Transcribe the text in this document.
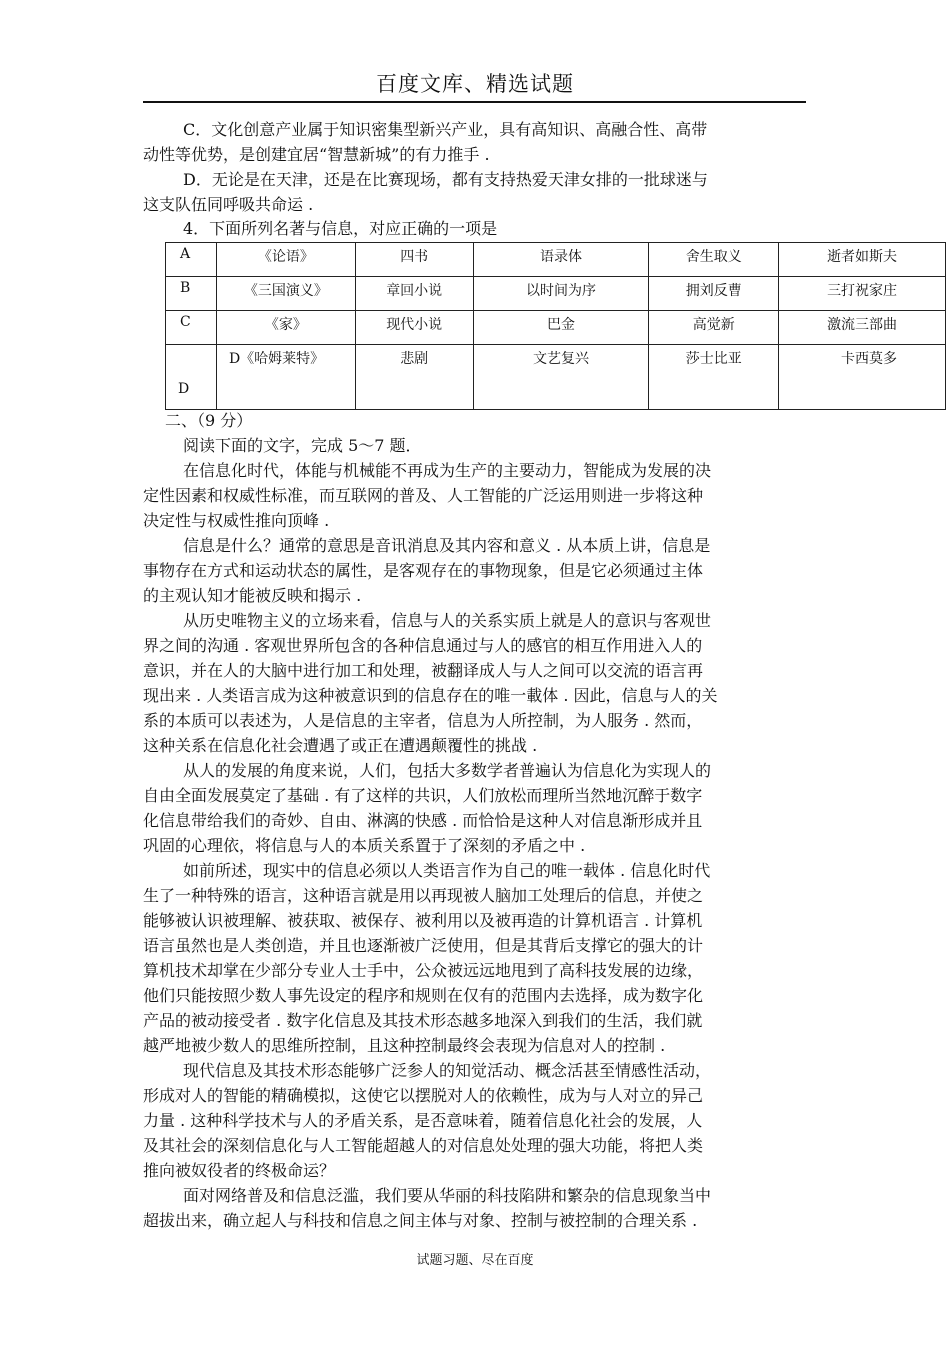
百度文库、精选试题
C．文化创意产业属于知识密集型新兴产业，具有高知识、高融合性、高带
动性等优势，是创建宜居“智慧新城”的有力推手 .
D．无论是在天津，还是在比赛现场，都有支持热爱天津女排的一批球迷与
这支队伍同呼吸共命运 .
4．下面所列名著与信息，对应正确的一项是
A	《论语》	四书	语录体	舍生取义	逝者如斯夫

B	《三国演义》	章回小说	以时间为序	拥刘反曹	三打祝家庄

C	《家》	现代小说	巴金	高觉新	激流三部曲

D	D《哈姆莱特》	悲剧	文艺复兴	莎士比亚	卡西莫多
二、（9 分）
阅读下面的文字，完成 5～7 题．
在信息化时代，体能与机械能不再成为生产的主要动力，智能成为发展的决
定性因素和权威性标准，而互联网的普及、人工智能的广泛运用则进一步将这种
决定性与权威性推向顶峰 .
信息是什么？通常的意思是音讯消息及其内容和意义 . 从本质上讲，信息是
事物存在方式和运动状态的属性，是客观存在的事物现象，但是它必须通过主体
的主观认知才能被反映和揭示 .
从历史唯物主义的立场来看，信息与人的关系实质上就是人的意识与客观世
界之间的沟通 . 客观世界所包含的各种信息通过与人的感官的相互作用进入人的
意识，并在人的大脑中进行加工和处理，被翻译成人与人之间可以交流的语言再
现出来 . 人类语言成为这种被意识到的信息存在的唯一載体 . 因此，信息与人的关
系的本质可以表述为，人是信息的主宰者，信息为人所控制，为人服务 . 然而，
这种关系在信息化社会遭遇了或正在遭遇颠覆性的挑战 .
从人的发展的角度来说，人们，包括大多数学者普遍认为信息化为实现人的
自由全面发展莫定了基础 . 有了这样的共识，人们放松而理所当然地沉醉于数字
化信息带给我们的奇妙、自由、淋漓的快感 . 而恰恰是这种人对信息渐形成并且
巩固的心理依，将信息与人的本质关系置于了深刻的矛盾之中 .
如前所述，现实中的信息必须以人类语言作为自己的唯一载体 . 信息化时代
生了一种特殊的语言，这种语言就是用以再现被人脑加工处理后的信息，并使之
能够被认识被理解、被获取、被保存、被利用以及被再造的计算机语言 . 计算机
语言虽然也是人类创造，并且也逐渐被广泛使用，但是其背后支撑它的强大的计
算机技术却掌在少部分专业人士手中，公众被远远地甩到了高科技发展的边缘，
他们只能按照少数人事先设定的程序和规则在仅有的范围内去选择，成为数字化
产品的被动接受者 . 数字化信息及其技术形态越多地深入到我们的生活，我们就
越严地被少数人的思维所控制，且这种控制最终会表现为信息对人的控制 .
现代信息及其技术形态能够广泛参人的知觉活动、概念活甚至情感性活动，
形成对人的智能的精确模拟，这使它以摆脱对人的依赖性，成为与人对立的异己
力量 . 这种科学技术与人的矛盾关系，是否意味着，随着信息化社会的发展，人
及其社会的深刻信息化与人工智能超越人的对信息处处理的强大功能，将把人类
推向被奴役者的终极命运？
面对网络普及和信息泛滥，我们要从华丽的科技陷阱和繁杂的信息现象当中
超拔出来，确立起人与科技和信息之间主体与对象、控制与被控制的合理关系 .
试题习题、尽在百度
